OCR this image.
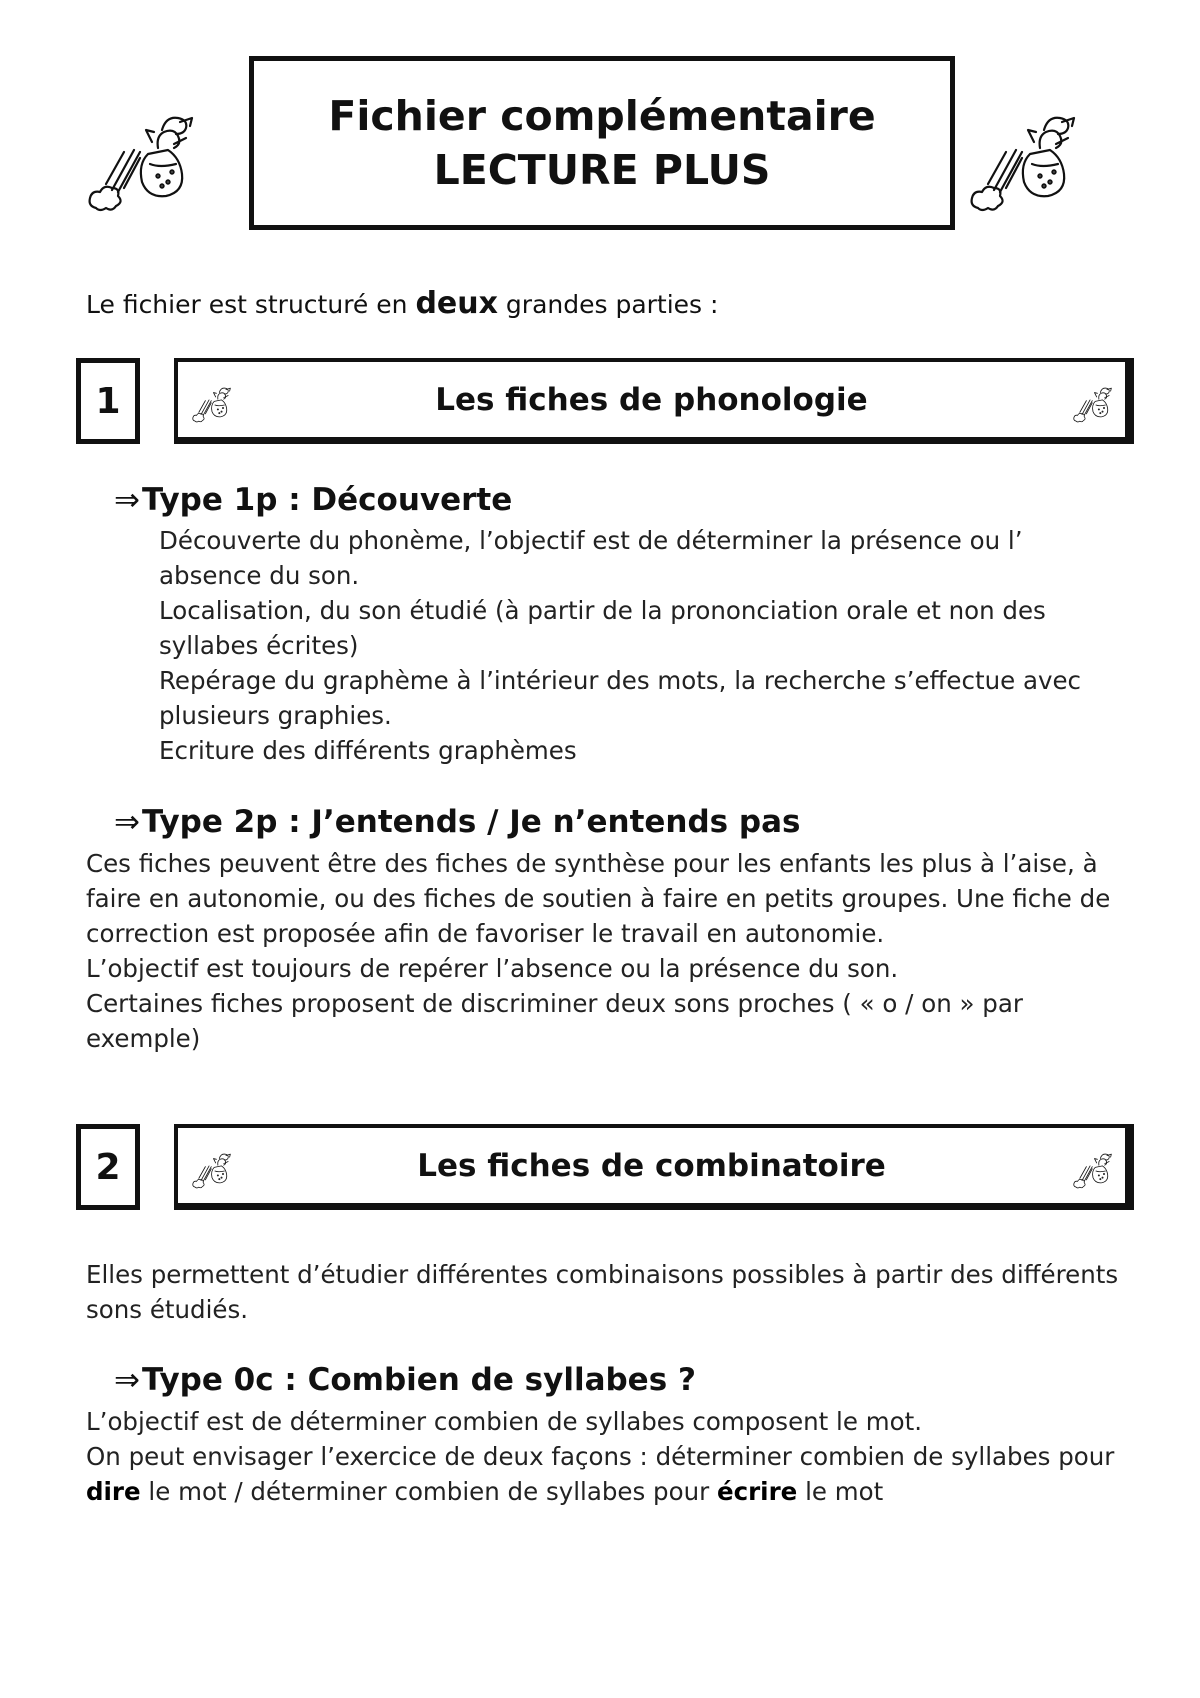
Fichier complémentaire
LECTURE PLUS
Le fichier est structuré en deux grandes parties :
1	Les fiches de phonologie
⇒Type 1p : Découverte

Découverte du phonème, l’objectif est de déterminer la présence ou l’ absence du son.

Localisation, du son étudié (à partir de la prononciation orale et non des syllabes écrites)

Repérage du graphème à l’intérieur des mots, la recherche s’effectue avec plusieurs graphies.

Ecriture des différents graphèmes

⇒Type 2p : J’entends / Je n’entends pas

Ces fiches peuvent être des fiches de synthèse pour les enfants les plus à l’aise, à faire en autonomie, ou des fiches de soutien à faire en petits groupes. Une fiche de correction est proposée afin de favoriser le travail en autonomie.

L’objectif est toujours de repérer l’absence ou la présence du son.

Certaines fiches proposent de discriminer deux sons proches ( « o / on » par exemple)

2	Les fiches de combinatoire
Elles permettent d’étudier différentes combinaisons possibles à partir des différents sons étudiés.
⇒Type 0c : Combien de syllabes ?

L’objectif est de déterminer combien de syllabes composent le mot.

On peut envisager l’exercice de deux façons : déterminer combien de syllabes pour dire le mot / déterminer combien de syllabes pour écrire le mot
